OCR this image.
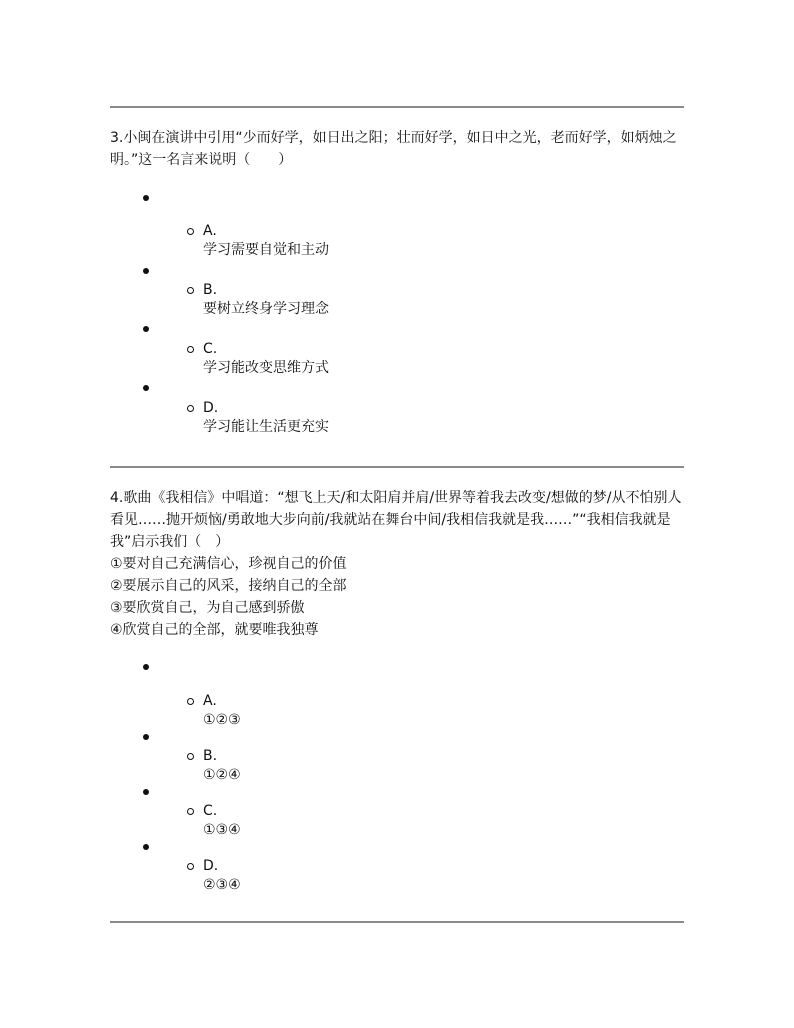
3.小闽在演讲中引用“少而好学，如日出之阳；壮而好学，如日中之光，老而好学，如炳烛之明。”这一名言来说明（　　）
A.
学习需要自觉和主动
B.
要树立终身学习理念
C.
学习能改变思维方式
D.
学习能让生活更充实
4.歌曲《我相信》中唱道：“想飞上天/和太阳肩并肩/世界等着我去改变/想做的梦/从不怕别人看见……抛开烦恼/勇敢地大步向前/我就站在舞台中间/我相信我就是我……”“我相信我就是我”启示我们（　）
①要对自己充满信心，珍视自己的价值
②要展示自己的风采，接纳自己的全部
③要欣赏自己，为自己感到骄傲
④欣赏自己的全部，就要唯我独尊
A.
①②③
B.
①②④
C.
①③④
D.
②③④
